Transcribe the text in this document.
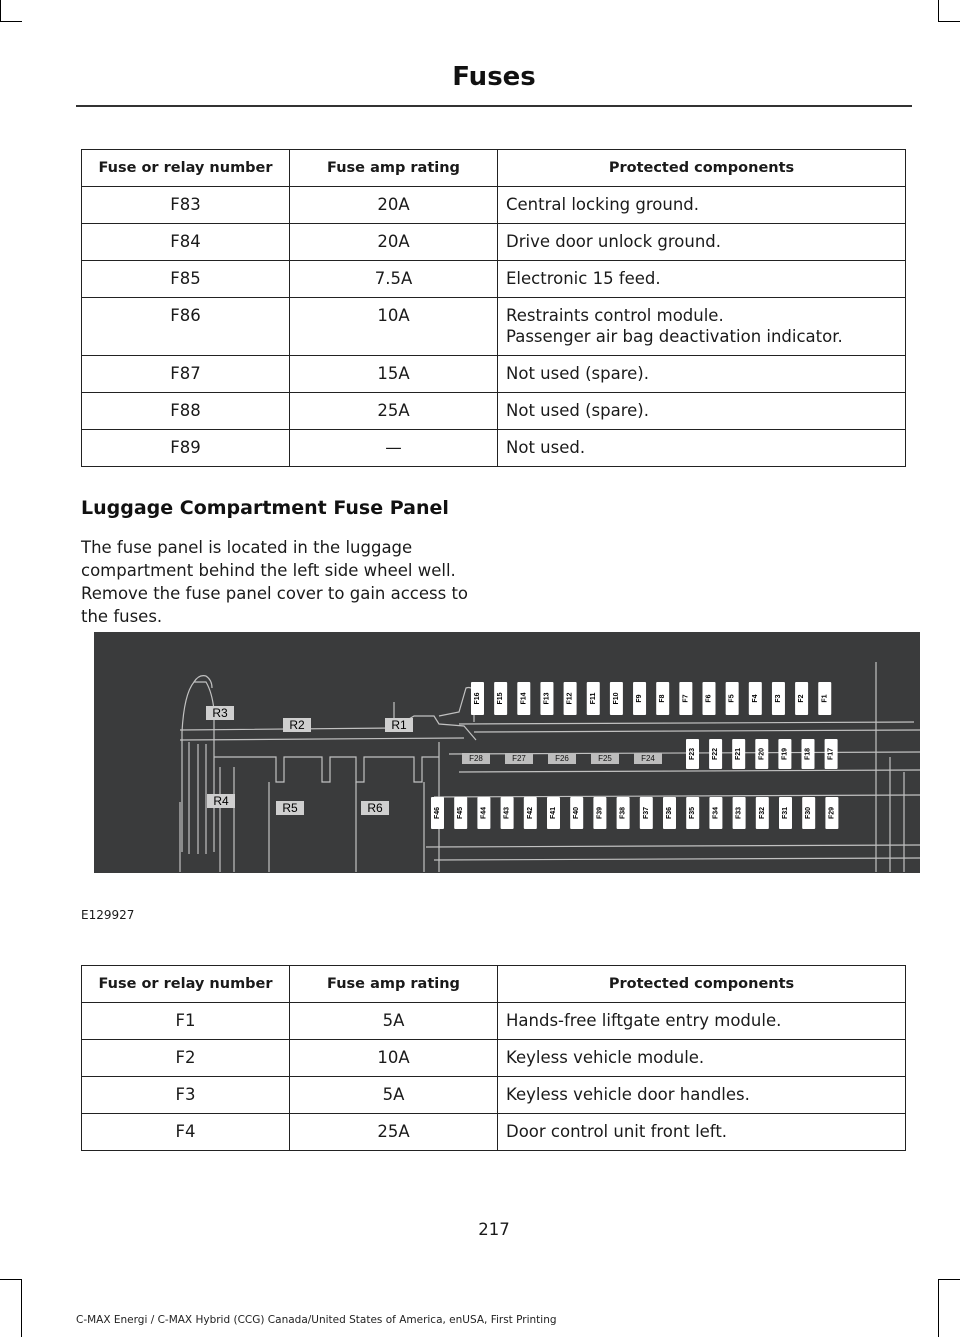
Fuses
Fuse or relay number	Fuse amp rating	Protected components
F83	20A	Central locking ground.

F84	20A	Drive door unlock ground.

F85	7.5A	Electronic 15 feed.

F86	10A	Restraints control module.
Passenger air bag deactivation indicator.

F87	15A	Not used (spare).

F88	25A	Not used (spare).

F89	—	Not used.
Luggage Compartment Fuse Panel
The fuse panel is located in the luggage compartment behind the left side wheel well. Remove the fuse panel cover to gain access to the fuses.
R1
R2
R3
R4	R5	R6
F16 F15 F14 F13 F12 F11 F10 F9 F8 F7 F6 F5 F4 F3 F2 F1
F23 F22 F21 F20 F19 F18 F17
F28	F27	F26	F25	F24
F46 F45 F44 F43 F42 F41 F40 F39 F38 F37 F36 F35 F34 F33 F32 F31 F30 F29
E129927
Fuse or relay number	Fuse amp rating	Protected components
F1	5A	Hands-free liftgate entry module.

F2	10A	Keyless vehicle module.

F3	5A	Keyless vehicle door handles.

F4	25A	Door control unit front left.
217
C-MAX Energi / C-MAX Hybrid (CCG) Canada/United States of America, enUSA, First Printing
